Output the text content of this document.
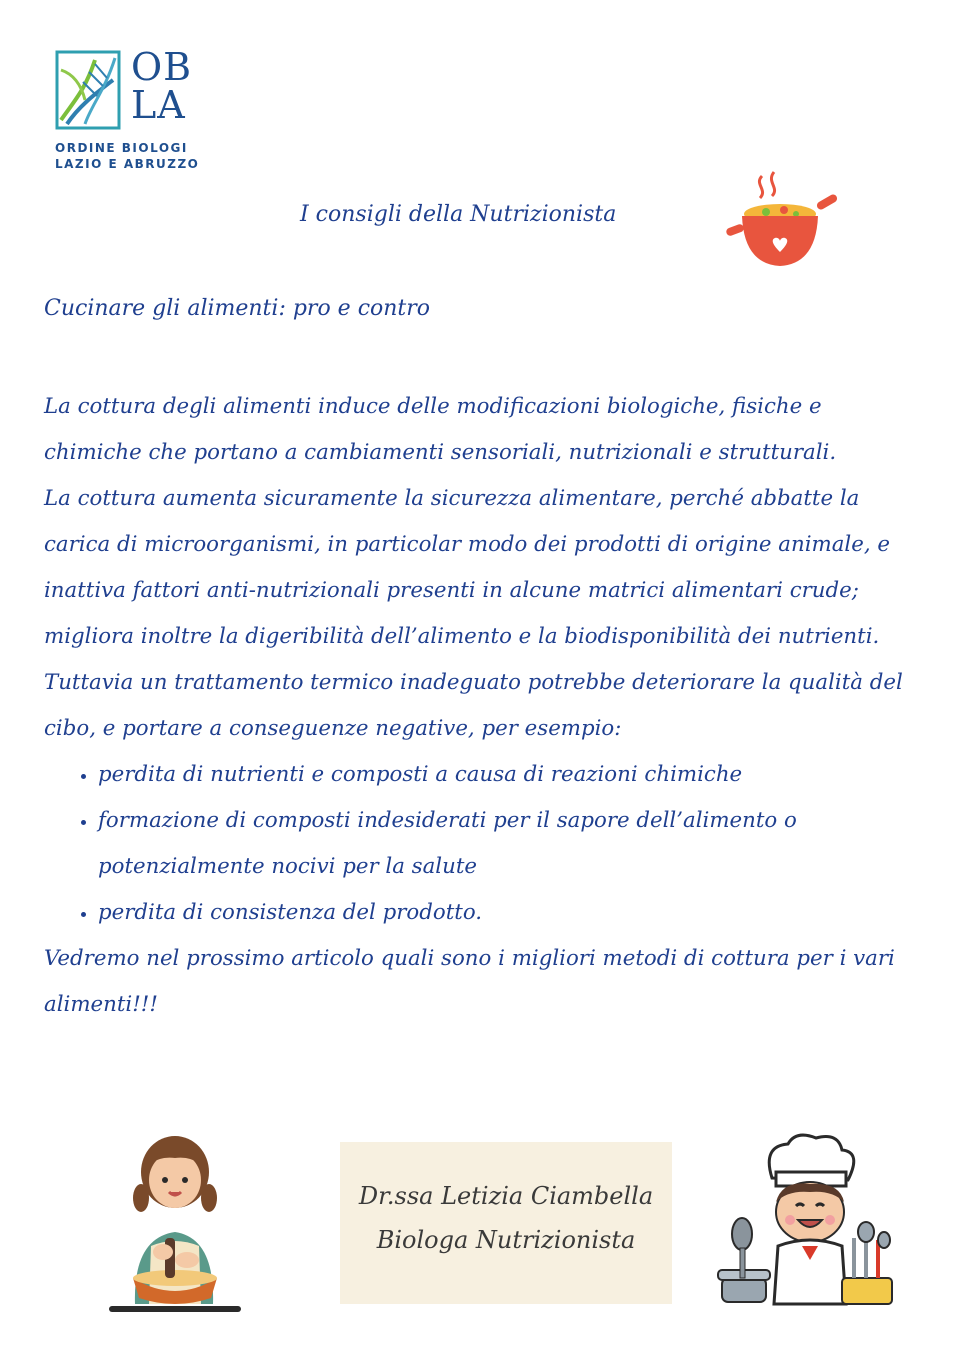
OB
LA
ORDINE BIOLOGI
LAZIO E ABRUZZO
I consigli della Nutrizionista
Cucinare gli alimenti: pro e contro

La cottura degli alimenti induce delle modificazioni biologiche, fisiche e chimiche che portano a cambiamenti sensoriali, nutrizionali e strutturali.

La cottura aumenta sicuramente la sicurezza alimentare, perché abbatte la carica di microorganismi, in particolar modo dei prodotti di origine animale, e inattiva fattori anti-nutrizionali presenti in alcune matrici alimentari crude; migliora inoltre la digeribilità dell’alimento e la biodisponibilità dei nutrienti.

Tuttavia un trattamento termico inadeguato potrebbe deteriorare la qualità del cibo, e portare a conseguenze negative, per esempio:

• perdita di nutrienti e composti a causa di reazioni chimiche
• formazione di composti indesiderati per il sapore dell’alimento o potenzialmente nocivi per la salute
• perdita di consistenza del prodotto.

Vedremo nel prossimo articolo quali sono i migliori metodi di cottura per i vari alimenti!!!

Dr.ssa Letizia Ciambella
Biologa Nutrizionista
